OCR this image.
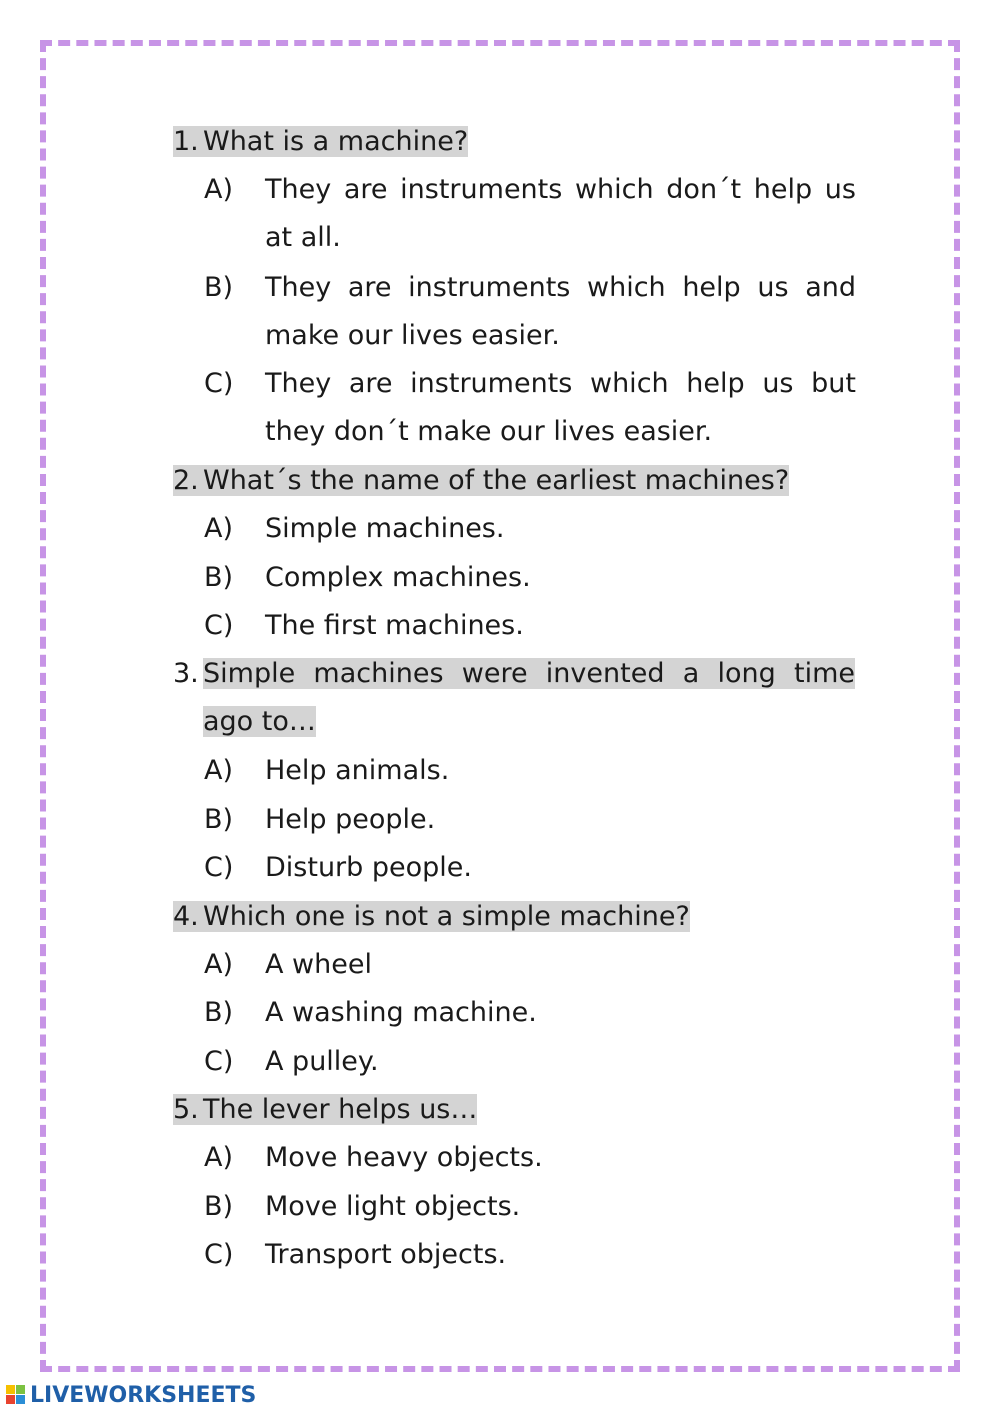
1. What is a machine?
A) They are instruments which don´t help us at all.
B) They are instruments which help us and make our lives easier.
C) They are instruments which help us but they don´t make our lives easier.
2. What´s the name of the earliest machines?
A) Simple machines.
B) Complex machines.
C) The first machines.
3. Simple machines were invented a long time ago to…
A) Help animals.
B) Help people.
C) Disturb people.
4. Which one is not a simple machine?
A) A wheel
B) A washing machine.
C) A pulley.
5. The lever helps us…
A) Move heavy objects.
B) Move light objects.
C) Transport objects.
LIVEWORKSHEETS
